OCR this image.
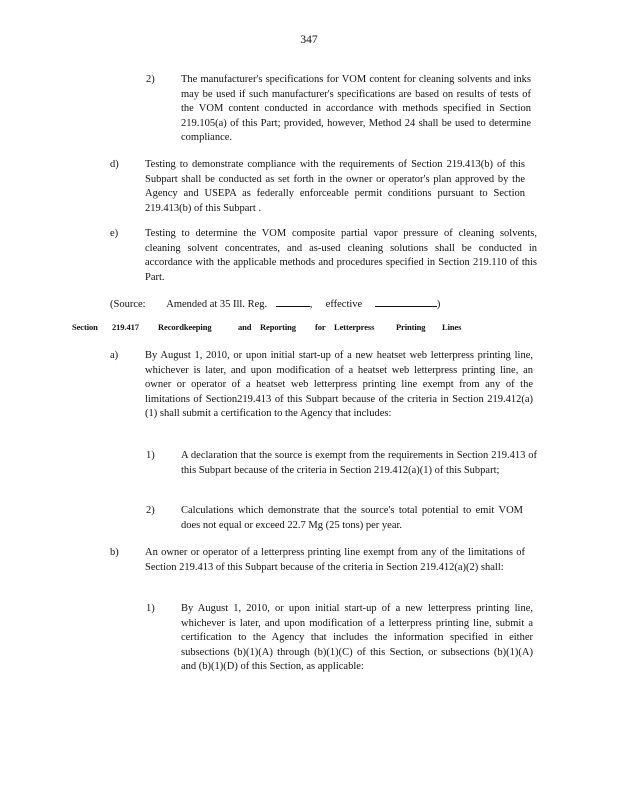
347
2)	The manufacturer's specifications for VOM content for cleaning solvents and inks may be used if such manufacturer's specifications are based on results of tests of the VOM content conducted in accordance with methods specified in Section 219.105(a) of this Part; provided, however, Method 24 shall be used to determine compliance.
d)	Testing to demonstrate compliance with the requirements of Section 219.413(b) of this Subpart shall be conducted as set forth in the owner or operator's plan approved by the Agency and USEPA as federally enforceable permit conditions pursuant to Section 219.413(b) of this Subpart .
e)	Testing to determine the VOM composite partial vapor pressure of cleaning solvents, cleaning solvent concentrates, and as-used cleaning solutions shall be conducted in accordance with the applicable methods and procedures specified in Section 219.110 of this Part.
(Source: Amended at 35 Ill. Reg.	, effective	)
Section 219.417 Recordkeeping	and Reporting for Letterpress	Printing Lines
a)	By August 1, 2010, or upon initial start-up of a new heatset web letterpress printing line, whichever is later, and upon modification of a heatset web letterpress printing line, an owner or operator of a heatset web letterpress printing line exempt from any of the limitations of Section219.413 of this Subpart because of the criteria in Section 219.412(a)(1) shall submit a certification to the Agency that includes:
1)	A declaration that the source is exempt from the requirements in Section 219.413 of this Subpart because of the criteria in Section 219.412(a)(1) of this Subpart;
2)	Calculations which demonstrate that the source's total potential to emit VOM does not equal or exceed 22.7 Mg (25 tons) per year.
b)	An owner or operator of a letterpress printing line exempt from any of the limitations of Section 219.413 of this Subpart because of the criteria in Section 219.412(a)(2) shall:
1)	By August 1, 2010, or upon initial start-up of a new letterpress printing line, whichever is later, and upon modification of a letterpress printing line, submit a certification to the Agency that includes the information specified in either subsections (b)(1)(A) through (b)(1)(C) of this Section, or subsections (b)(1)(A) and (b)(1)(D) of this Section, as applicable:
